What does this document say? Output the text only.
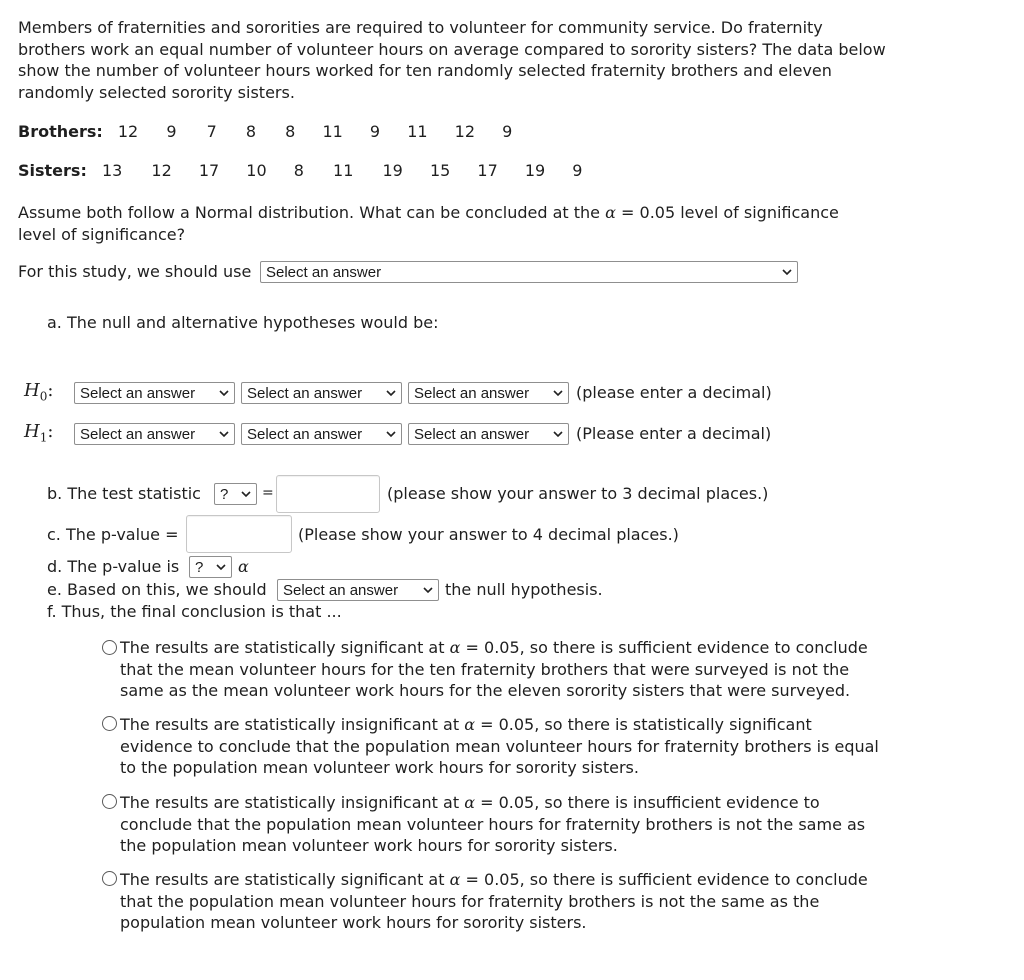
Members of fraternities and sororities are required to volunteer for community service. Do fraternity
brothers work an equal number of volunteer hours on average compared to sorority sisters? The data below
show the number of volunteer hours worked for ten randomly selected fraternity brothers and eleven
randomly selected sorority sisters.
Brothers: 12 9 7 8 8 11 9 11 12 9
Sisters: 13 12 17 10 8 11 19 15 17 19 9
Assume both follow a Normal distribution. What can be concluded at the α = 0.05 level of significance
level of significance?
For this study, we should use Select an answer
a. The null and alternative hypotheses would be:
$H_0$:	Select an answer	Select an answer	Select an answer	(please enter a decimal)
$H_1$:	Select an answer	Select an answer	Select an answer	(Please enter a decimal)
b. The test statistic	?	=	(please show your answer to 3 decimal places.)
c. The p-value =	(Please show your answer to 4 decimal places.)
d. The p-value is	?	α
e. Based on this, we should	Select an answer	the null hypothesis.
f. Thus, the final conclusion is that ...
The results are statistically significant at α = 0.05, so there is sufficient evidence to conclude
that the mean volunteer hours for the ten fraternity brothers that were surveyed is not the
same as the mean volunteer work hours for the eleven sorority sisters that were surveyed.
The results are statistically insignificant at α = 0.05, so there is statistically significant
evidence to conclude that the population mean volunteer hours for fraternity brothers is equal
to the population mean volunteer work hours for sorority sisters.
The results are statistically insignificant at α = 0.05, so there is insufficient evidence to
conclude that the population mean volunteer hours for fraternity brothers is not the same as
the population mean volunteer work hours for sorority sisters.
The results are statistically significant at α = 0.05, so there is sufficient evidence to conclude
that the population mean volunteer hours for fraternity brothers is not the same as the
population mean volunteer work hours for sorority sisters.
